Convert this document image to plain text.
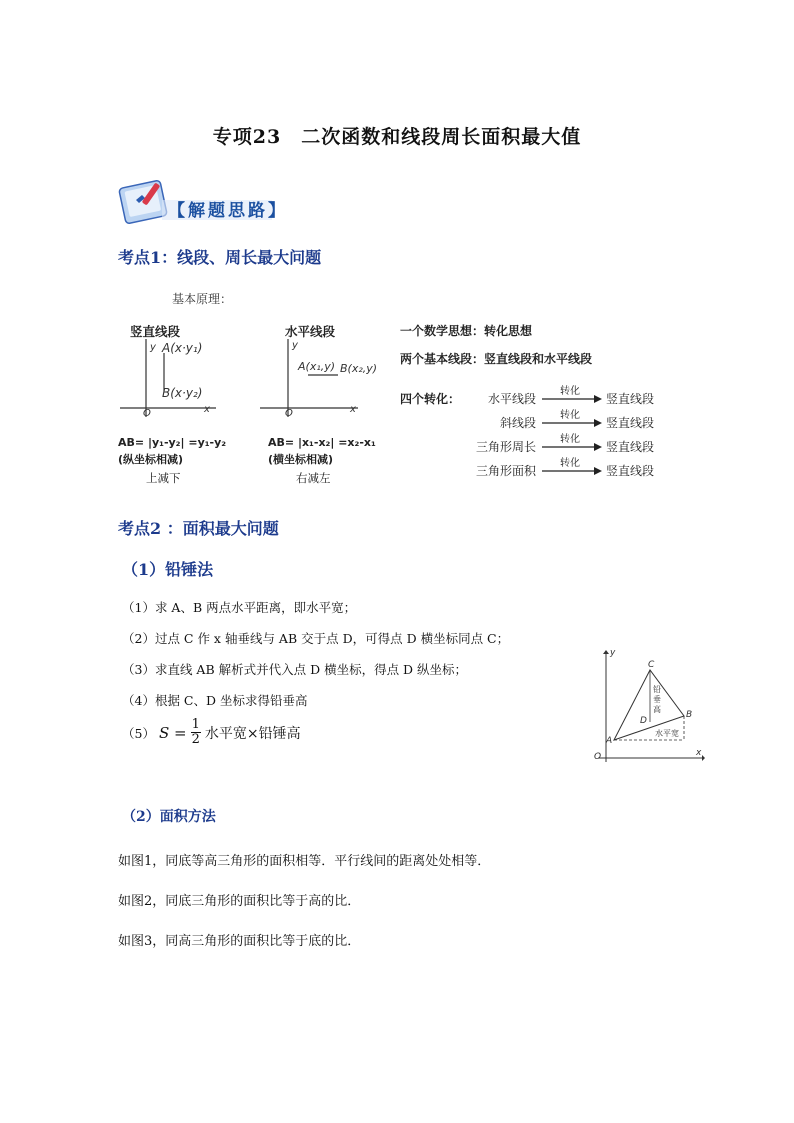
专项23　二次函数和线段周长面积最大值
【解题思路】
考点1：线段、周长最大问题
基本原理：
竖直线段
y
x
O
A(x·y₁)
B(x·y₂)
AB= |y₁-y₂| =y₁-y₂
(纵坐标相减)
上减下
水平线段
y
x
O
A(x₁,y) B(x₂,y)
AB= |x₁-x₂| =x₂-x₁
(横坐标相减)
右减左
一个数学思想：转化思想
两个基本线段：竖直线段和水平线段
四个转化：	水平线段
转化
竖直线段
斜线段
转化
竖直线段
三角形周长
转化
竖直线段
三角形面积
转化
竖直线段
考点2 ：面积最大问题
（1）铅锤法
（1）求 A、B 两点水平距离，即水平宽；
（2）过点 C 作 x 轴垂线与 AB 交于点 D，可得点 D 横坐标同点 C；
（3）求直线 AB 解析式并代入点 D 横坐标，得点 D 纵坐标；
（4）根据 C、D 坐标求得铅垂高
（5） $S = \frac{1}{2}$ 水平宽×铅锤高
y
x
O
A
B
C
D
铅垂高
水平宽
（2）面积方法
如图1，同底等高三角形的面积相等．平行线间的距离处处相等．
如图2，同底三角形的面积比等于高的比．
如图3，同高三角形的面积比等于底的比．
